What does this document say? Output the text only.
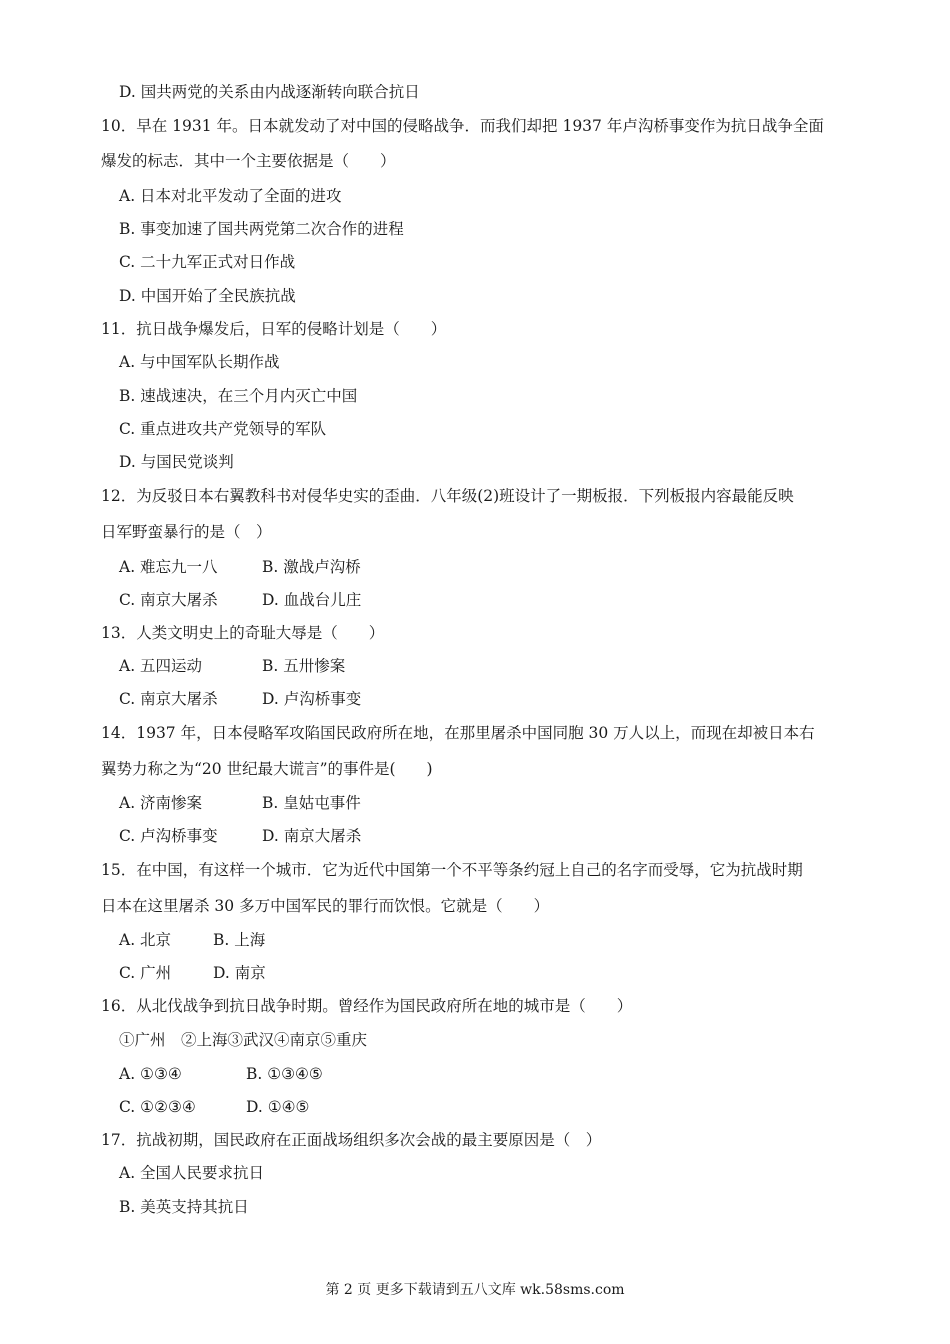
D. 国共两党的关系由内战逐渐转向联合抗日
10．早在 1931 年。日本就发动了对中国的侵略战争．而我们却把 1937 年卢沟桥事变作为抗日战争全面
爆发的标志．其中一个主要依据是（　　）
A. 日本对北平发动了全面的进攻
B. 事变加速了国共两党第二次合作的进程
C. 二十九军正式对日作战
D. 中国开始了全民族抗战
11．抗日战争爆发后，日军的侵略计划是（　　）
A. 与中国军队长期作战
B. 速战速决，在三个月内灭亡中国
C. 重点进攻共产党领导的军队
D. 与国民党谈判
12．为反驳日本右翼教科书对侵华史实的歪曲．八年级(2)班设计了一期板报．下列板报内容最能反映
日军野蛮暴行的是（　）
A. 难忘九一八	B. 激战卢沟桥
C. 南京大屠杀	D. 血战台儿庄
13．人类文明史上的奇耻大辱是（　　）
A. 五四运动	B. 五卅惨案
C. 南京大屠杀	D. 卢沟桥事变
14．1937 年，日本侵略军攻陷国民政府所在地，在那里屠杀中国同胞 30 万人以上，而现在却被日本右
翼势力称之为“20 世纪最大谎言”的事件是(　　)
A. 济南惨案	B. 皇姑屯事件
C. 卢沟桥事变	D. 南京大屠杀
15．在中国，有这样一个城市．它为近代中国第一个不平等条约冠上自己的名字而受辱，它为抗战时期
日本在这里屠杀 30 多万中国军民的罪行而饮恨。它就是（　　）
A. 北京	B. 上海
C. 广州	D. 南京
16．从北伐战争到抗日战争时期。曾经作为国民政府所在地的城市是（　　）
①广州　②上海③武汉④南京⑤重庆
A. ①③④	B. ①③④⑤
C. ①②③④	D. ①④⑤
17．抗战初期，国民政府在正面战场组织多次会战的最主要原因是（　）
A. 全国人民要求抗日
B. 美英支持其抗日
第 2 页 更多下载请到五八文库 wk.58sms.com
